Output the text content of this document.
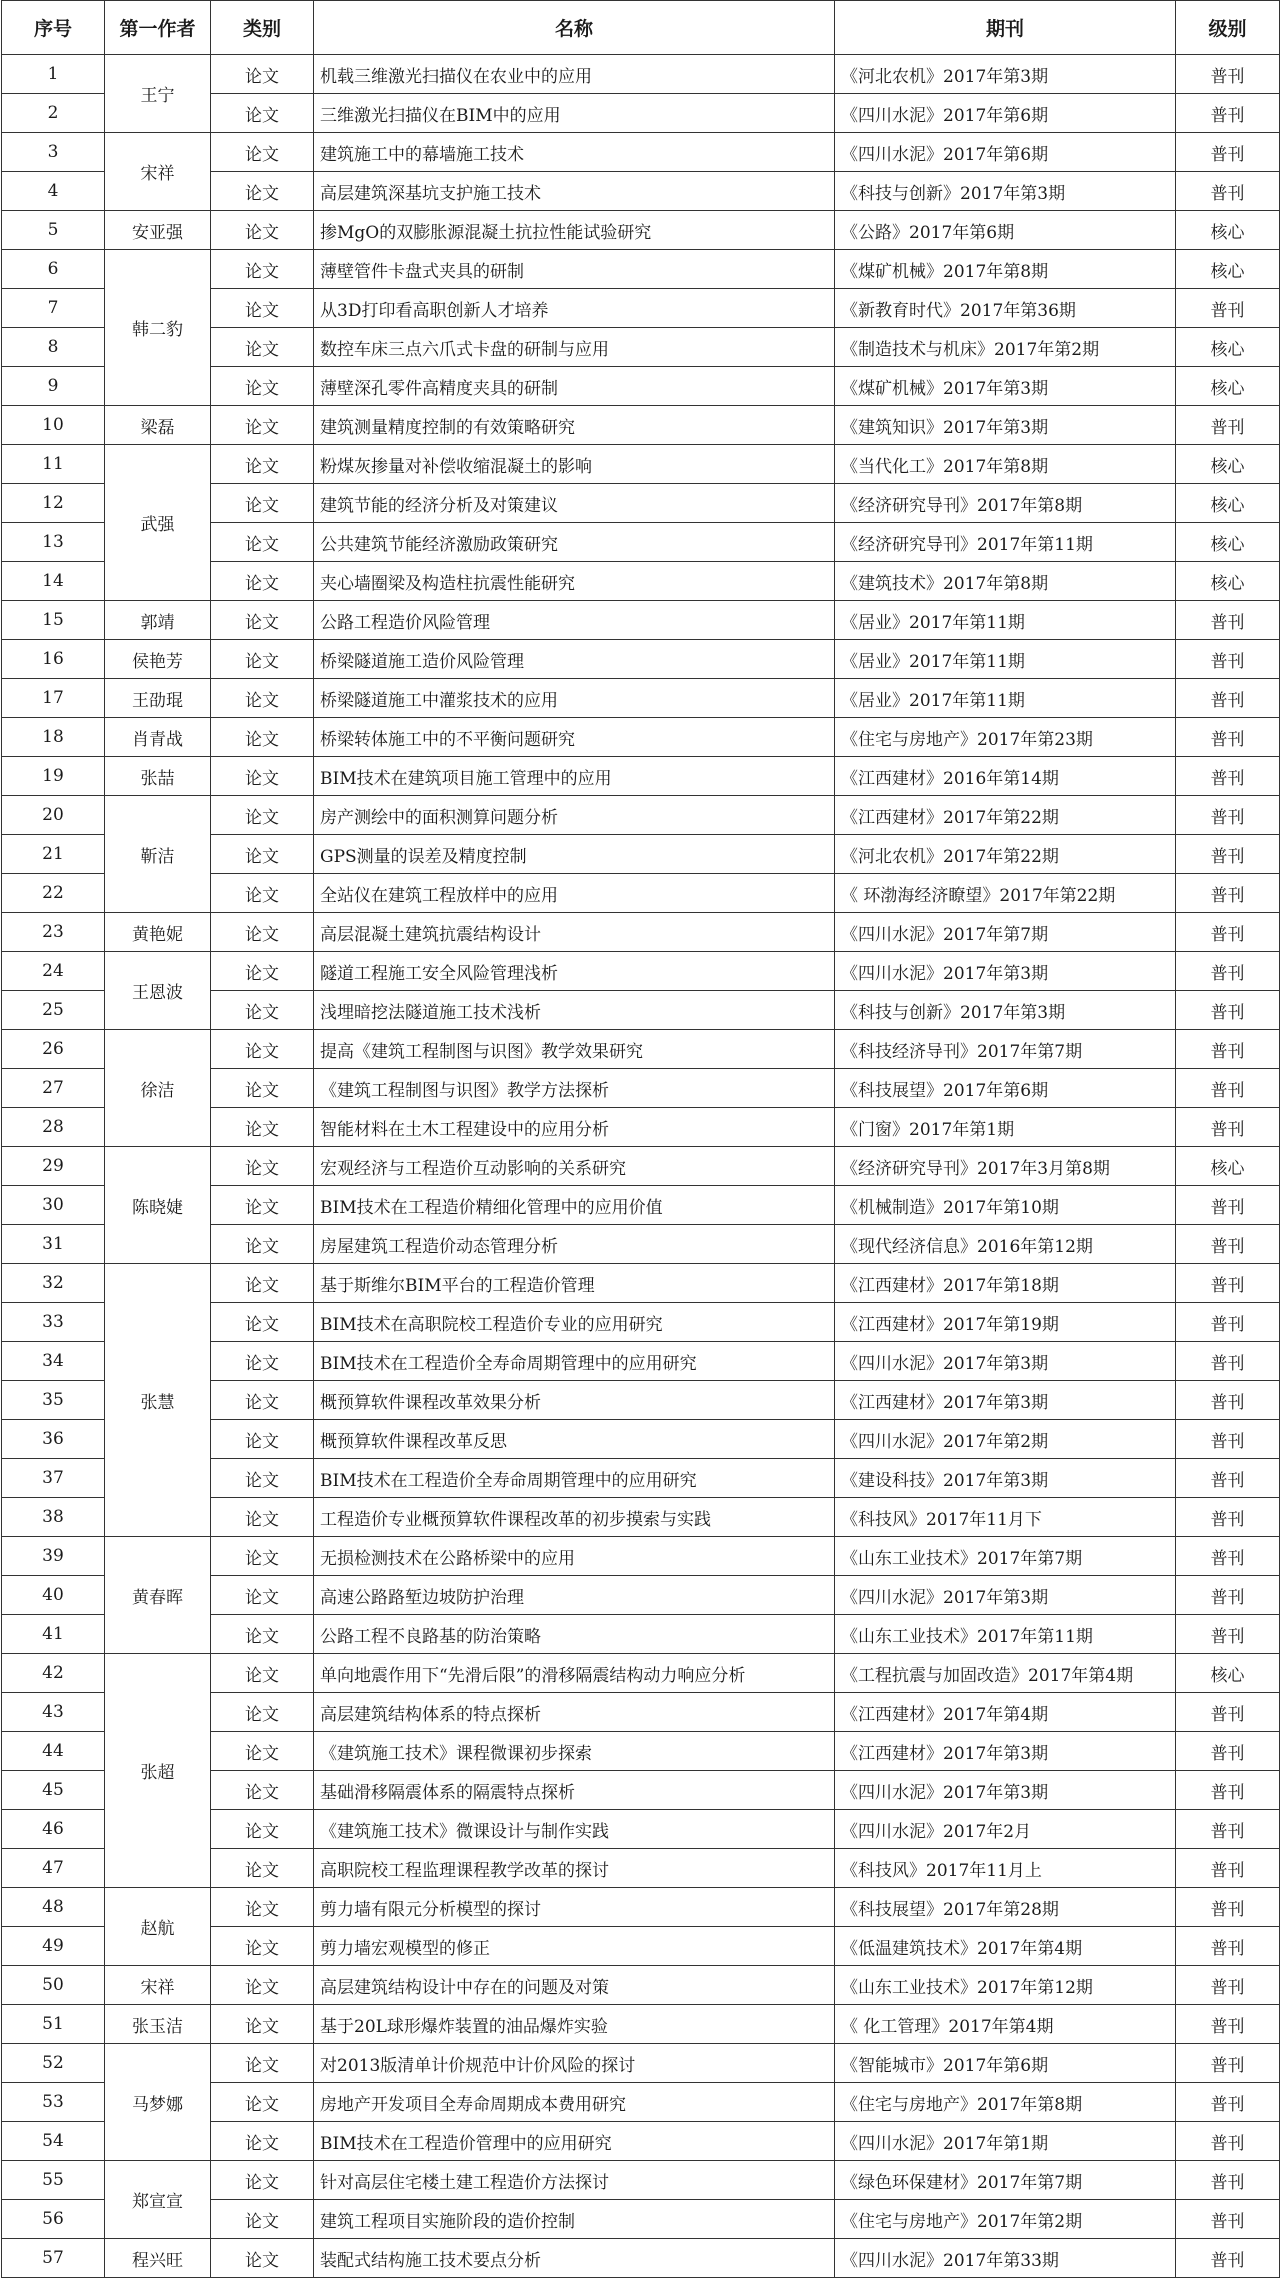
序号	第一作者	类别	名称	期刊	级别
1	王宁	论文	机载三维激光扫描仪在农业中的应用	《河北农机》2017年第3期	普刊
2		论文	三维激光扫描仪在BIM中的应用	《四川水泥》2017年第6期	普刊
3	宋祥	论文	建筑施工中的幕墙施工技术	《四川水泥》2017年第6期	普刊
4		论文	高层建筑深基坑支护施工技术	《科技与创新》2017年第3期	普刊
5	安亚强	论文	掺MgO的双膨胀源混凝土抗拉性能试验研究	《公路》2017年第6期	核心
6	韩二豹	论文	薄壁管件卡盘式夹具的研制	《煤矿机械》2017年第8期	核心
7		论文	从3D打印看高职创新人才培养	《新教育时代》2017年第36期	普刊
8		论文	数控车床三点六爪式卡盘的研制与应用	《制造技术与机床》2017年第2期	核心
9		论文	薄壁深孔零件高精度夹具的研制	《煤矿机械》2017年第3期	核心
10	梁磊	论文	建筑测量精度控制的有效策略研究	《建筑知识》2017年第3期	普刊
11	武强	论文	粉煤灰掺量对补偿收缩混凝土的影响	《当代化工》2017年第8期	核心
12		论文	建筑节能的经济分析及对策建议	《经济研究导刊》2017年第8期	核心
13		论文	公共建筑节能经济激励政策研究	《经济研究导刊》2017年第11期	核心
14		论文	夹心墙圈梁及构造柱抗震性能研究	《建筑技术》2017年第8期	核心
15	郭靖	论文	公路工程造价风险管理	《居业》2017年第11期	普刊
16	侯艳芳	论文	桥梁隧道施工造价风险管理	《居业》2017年第11期	普刊
17	王劭琨	论文	桥梁隧道施工中灌浆技术的应用	《居业》2017年第11期	普刊
18	肖青战	论文	桥梁转体施工中的不平衡问题研究	《住宅与房地产》2017年第23期	普刊
19	张喆	论文	BIM技术在建筑项目施工管理中的应用	《江西建材》2016年第14期	普刊
20	靳洁	论文	房产测绘中的面积测算问题分析	《江西建材》2017年第22期	普刊
21		论文	GPS测量的误差及精度控制	《河北农机》2017年第22期	普刊
22		论文	全站仪在建筑工程放样中的应用	《 环渤海经济瞭望》2017年第22期	普刊
23	黄艳妮	论文	高层混凝土建筑抗震结构设计	《四川水泥》2017年第7期	普刊
24	王恩波	论文	隧道工程施工安全风险管理浅析	《四川水泥》2017年第3期	普刊
25		论文	浅埋暗挖法隧道施工技术浅析	《科技与创新》2017年第3期	普刊
26	徐洁	论文	提高《建筑工程制图与识图》教学效果研究	《科技经济导刊》2017年第7期	普刊
27		论文	《建筑工程制图与识图》教学方法探析	《科技展望》2017年第6期	普刊
28		论文	智能材料在土木工程建设中的应用分析	《门窗》2017年第1期	普刊
29	陈晓婕	论文	宏观经济与工程造价互动影响的关系研究	《经济研究导刊》2017年3月第8期	核心
30		论文	BIM技术在工程造价精细化管理中的应用价值	《机械制造》2017年第10期	普刊
31		论文	房屋建筑工程造价动态管理分析	《现代经济信息》2016年第12期	普刊
32	张慧	论文	基于斯维尔BIM平台的工程造价管理	《江西建材》2017年第18期	普刊
33		论文	BIM技术在高职院校工程造价专业的应用研究	《江西建材》2017年第19期	普刊
34		论文	BIM技术在工程造价全寿命周期管理中的应用研究	《四川水泥》2017年第3期	普刊
35		论文	概预算软件课程改革效果分析	《江西建材》2017年第3期	普刊
36		论文	概预算软件课程改革反思	《四川水泥》2017年第2期	普刊
37		论文	BIM技术在工程造价全寿命周期管理中的应用研究	《建设科技》2017年第3期	普刊
38		论文	工程造价专业概预算软件课程改革的初步摸索与实践	《科技风》2017年11月下	普刊
39	黄春晖	论文	无损检测技术在公路桥梁中的应用	《山东工业技术》2017年第7期	普刊
40		论文	高速公路路堑边坡防护治理	《四川水泥》2017年第3期	普刊
41		论文	公路工程不良路基的防治策略	《山东工业技术》2017年第11期	普刊
42	张超	论文	单向地震作用下“先滑后限”的滑移隔震结构动力响应分析	《工程抗震与加固改造》2017年第4期	核心
43		论文	高层建筑结构体系的特点探析	《江西建材》2017年第4期	普刊
44		论文	《建筑施工技术》课程微课初步探索	《江西建材》2017年第3期	普刊
45		论文	基础滑移隔震体系的隔震特点探析	《四川水泥》2017年第3期	普刊
46		论文	《建筑施工技术》微课设计与制作实践	《四川水泥》2017年2月	普刊
47		论文	高职院校工程监理课程教学改革的探讨	《科技风》2017年11月上	普刊
48	赵航	论文	剪力墙有限元分析模型的探讨	《科技展望》2017年第28期	普刊
49		论文	剪力墙宏观模型的修正	《低温建筑技术》2017年第4期	普刊
50	宋祥	论文	高层建筑结构设计中存在的问题及对策	《山东工业技术》2017年第12期	普刊
51	张玉洁	论文	基于20L球形爆炸装置的油品爆炸实验	《 化工管理》2017年第4期	普刊
52	马梦娜	论文	对2013版清单计价规范中计价风险的探讨	《智能城市》2017年第6期	普刊
53		论文	房地产开发项目全寿命周期成本费用研究	《住宅与房地产》2017年第8期	普刊
54		论文	BIM技术在工程造价管理中的应用研究	《四川水泥》2017年第1期	普刊
55	郑宣宣	论文	针对高层住宅楼土建工程造价方法探讨	《绿色环保建材》2017年第7期	普刊
56		论文	建筑工程项目实施阶段的造价控制	《住宅与房地产》2017年第2期	普刊
57	程兴旺	论文	装配式结构施工技术要点分析	《四川水泥》2017年第33期	普刊
